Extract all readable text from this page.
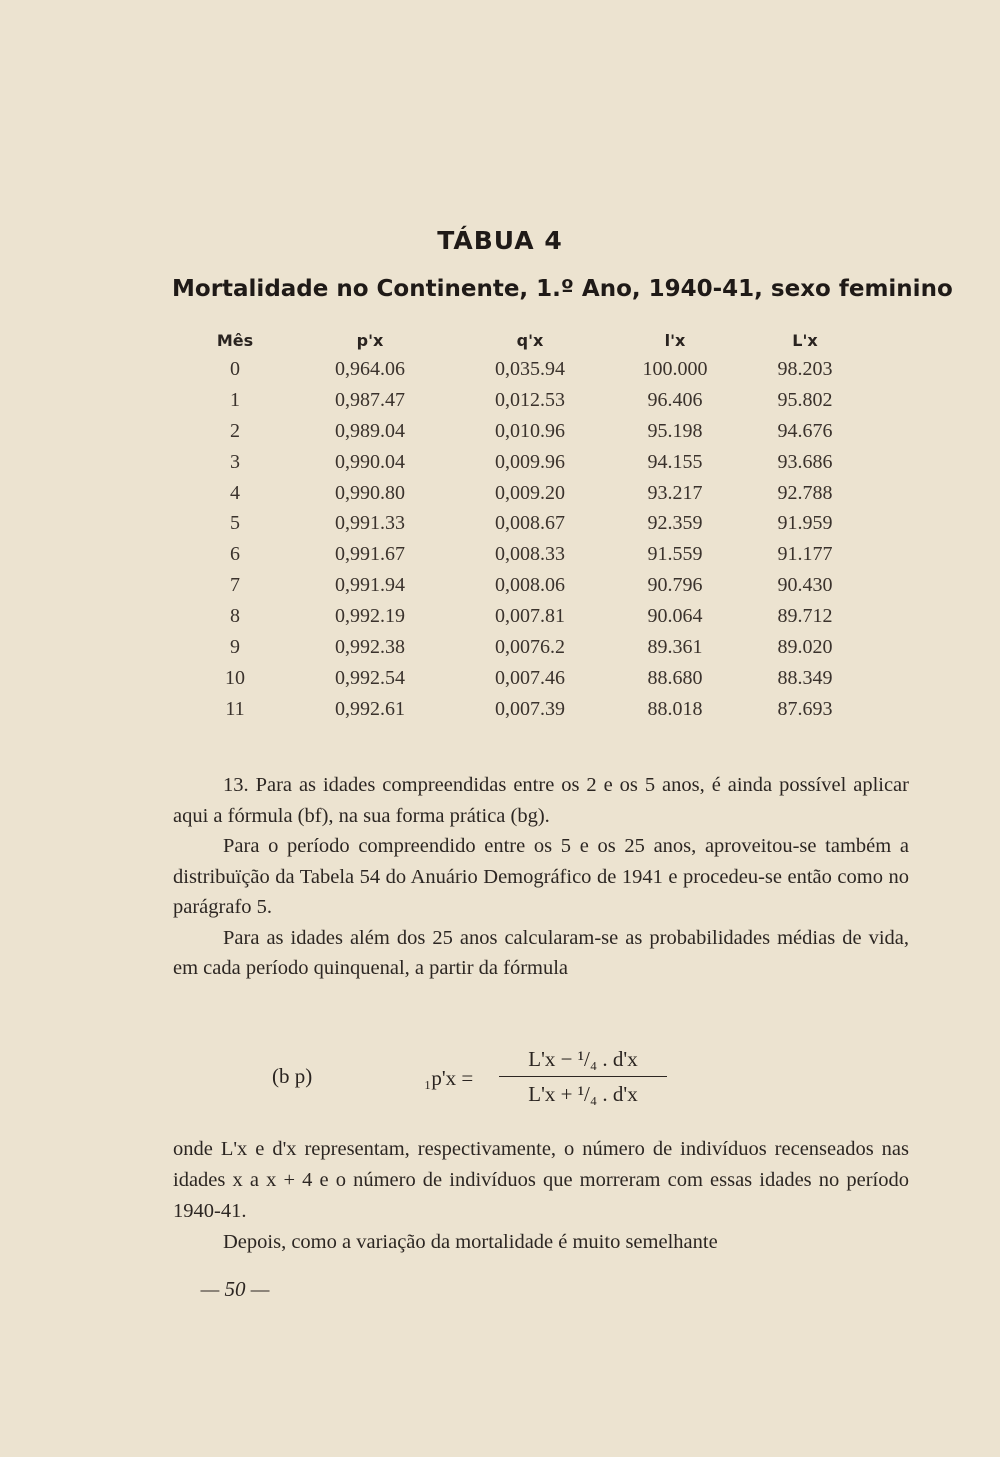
TÁBUA 4
Mortalidade no Continente, 1.º Ano, 1940-41, sexo feminino
Mês	p'x	q'x	l'x	L'x
0	0,964.06	0,035.94	100.000	98.203
1	0,987.47	0,012.53	96.406	95.802
2	0,989.04	0,010.96	95.198	94.676
3	0,990.04	0,009.96	94.155	93.686
4	0,990.80	0,009.20	93.217	92.788
5	0,991.33	0,008.67	92.359	91.959
6	0,991.67	0,008.33	91.559	91.177
7	0,991.94	0,008.06	90.796	90.430
8	0,992.19	0,007.81	90.064	89.712
9	0,992.38	0,0076.2	89.361	89.020
10	0,992.54	0,007.46	88.680	88.349
11	0,992.61	0,007.39	88.018	87.693

13. Para as idades compreendidas entre os 2 e os 5 anos, é ainda possível aplicar aqui a fórmula (bf), na sua forma prática (bg).

Para o período compreendido entre os 5 e os 25 anos, aproveitou-se também a distribuïção da Tabela 54 do Anuário Demográfico de 1941 e procedeu-se então como no parágrafo 5.

Para as idades além dos 25 anos calcularam-se as probabilidades médias de vida, em cada período quinquenal, a partir da fórmula

(b p)	₁p'x =
L'x − ¹/₄ . d'x
L'x + ¹/₄ . d'x

onde L'x e d'x representam, respectivamente, o número de indivíduos recenseados nas idades x a x + 4 e o número de indivíduos que morreram com essas idades no período 1940-41.

Depois, como a variação da mortalidade é muito semelhante

— 50 —
